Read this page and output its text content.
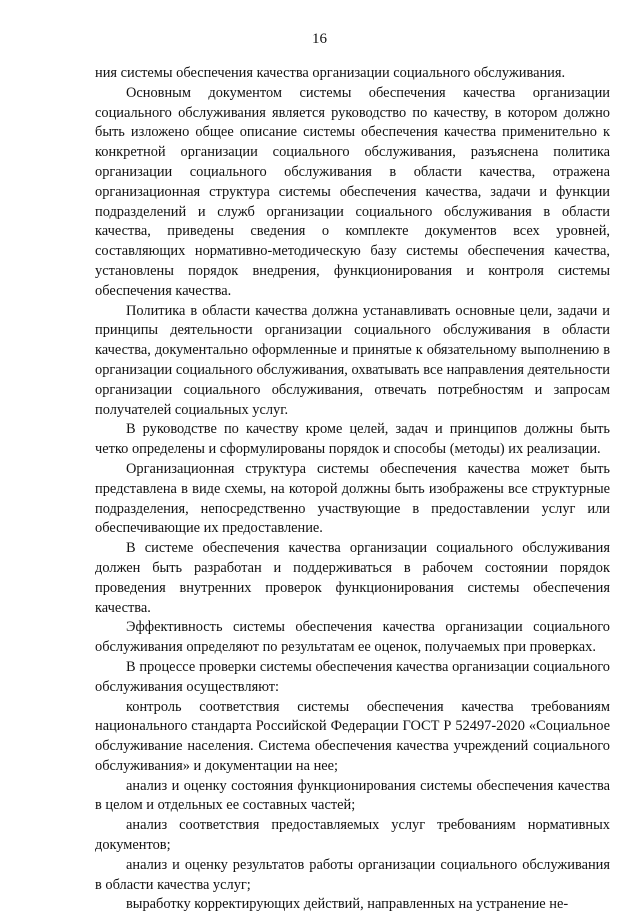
16

ния системы обеспечения качества организации социального обслуживания.

Основным документом системы обеспечения качества организации социального обслуживания является руководство по качеству, в котором должно быть изложено общее описание системы обеспечения качества применительно к конкретной организации социального обслуживания, разъяснена политика организации социального обслуживания в области качества, отражена организационная структура системы обеспечения качества, задачи и функции подразделений и служб организации социального обслуживания в области качества, приведены сведения о комплекте документов всех уровней, составляющих нормативно-методическую базу системы обеспечения качества, установлены порядок внедрения, функционирования и контроля системы обеспечения качества.

Политика в области качества должна устанавливать основные цели, задачи и принципы деятельности организации социального обслуживания в области качества, документально оформленные и принятые к обязательному выполнению в организации социального обслуживания, охватывать все направления деятельности организации социального обслуживания, отвечать потребностям и запросам получателей социальных услуг.

В руководстве по качеству кроме целей, задач и принципов должны быть четко определены и сформулированы порядок и способы (методы) их реализации.

Организационная структура системы обеспечения качества может быть представлена в виде схемы, на которой должны быть изображены все структурные подразделения, непосредственно участвующие в предоставлении услуг или обеспечивающие их предоставление.

В системе обеспечения качества организации социального обслуживания должен быть разработан и поддерживаться в рабочем состоянии порядок проведения внутренних проверок функционирования системы обеспечения качества.

Эффективность системы обеспечения качества организации социального обслуживания определяют по результатам ее оценок, получаемых при проверках.

В процессе проверки системы обеспечения качества организации социального обслуживания осуществляют:

контроль соответствия системы обеспечения качества требованиям национального стандарта Российской Федерации ГОСТ Р 52497-2020 «Социальное обслуживание населения. Система обеспечения качества учреждений социального обслуживания» и документации на нее;

анализ и оценку состояния функционирования системы обеспечения качества в целом и отдельных ее составных частей;

анализ соответствия предоставляемых услуг требованиям нормативных документов;

анализ и оценку результатов работы организации социального обслуживания в области качества услуг;

выработку корректирующих действий, направленных на устранение не-
